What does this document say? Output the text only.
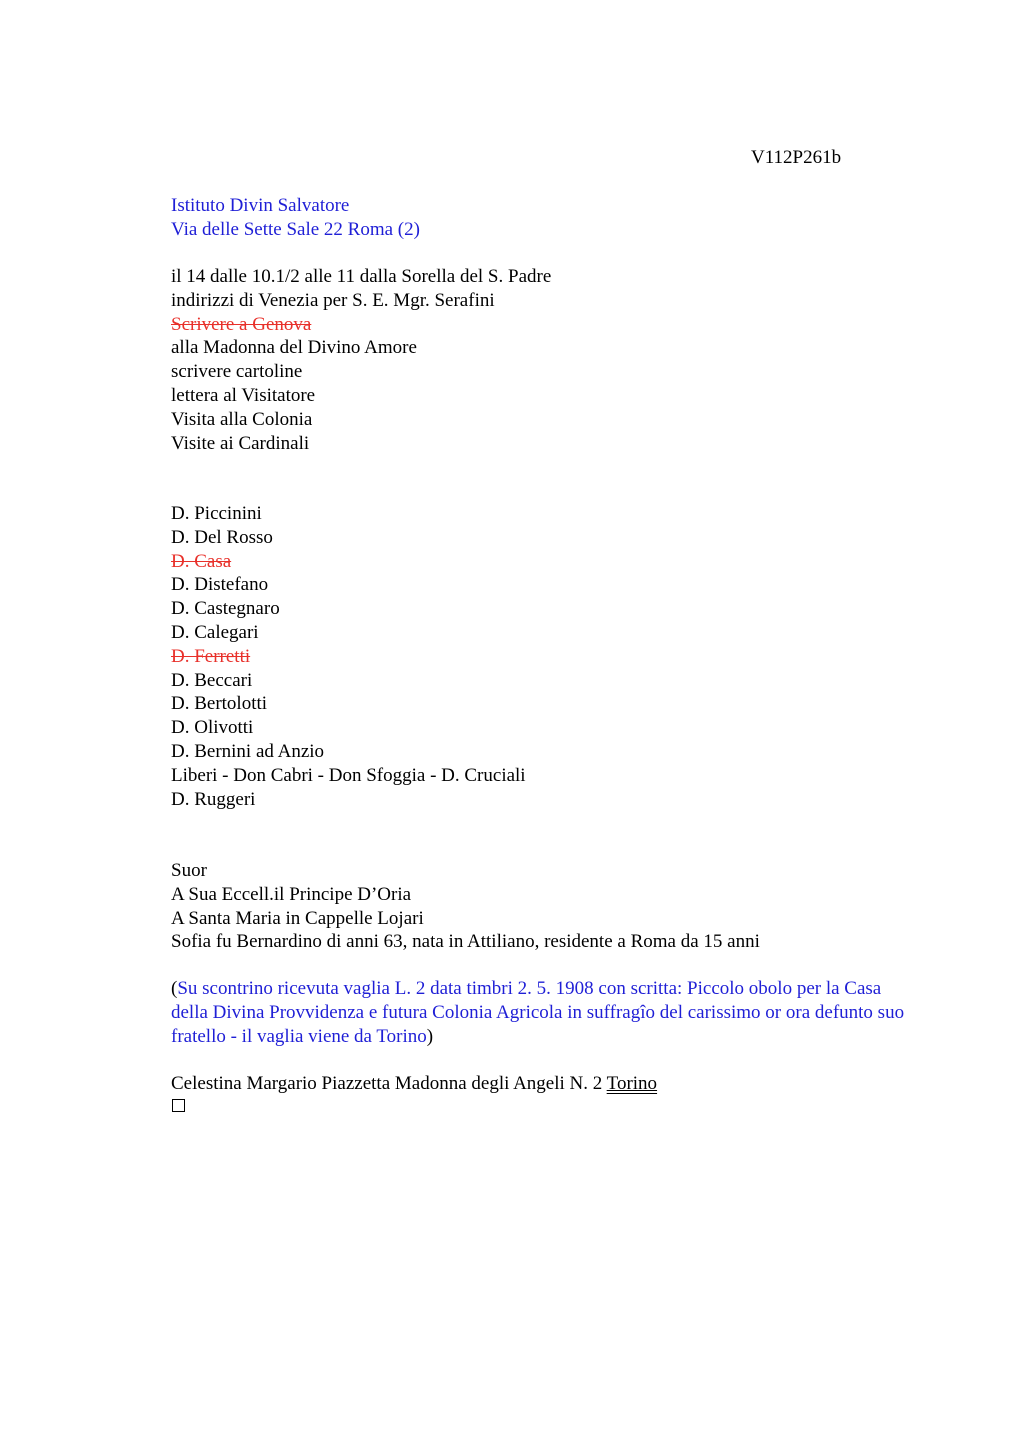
V112P261b
Istituto Divin Salvatore
Via delle Sette Sale 22 Roma (2)
il 14 dalle 10.1/2 alle 11 dalla Sorella del S. Padre
indirizzi di Venezia per S. E. Mgr. Serafini
Scrivere a Genova
alla Madonna del Divino Amore
scrivere cartoline
lettera al Visitatore
Visita alla Colonia
Visite ai Cardinali
D. Piccinini
D. Del Rosso
D. Casa
D. Distefano
D. Castegnaro
D. Calegari
D. Ferretti
D. Beccari
D. Bertolotti
D. Olivotti
D. Bernini ad Anzio
Liberi - Don Cabri - Don Sfoggia - D. Cruciali
D. Ruggeri
Suor
A Sua Eccell.il Principe D’Oria
A Santa Maria in Cappelle Lojari
Sofia fu Bernardino di anni 63, nata in Attiliano, residente a Roma da 15 anni
(Su scontrino ricevuta vaglia L. 2 data timbri 2. 5. 1908 con scritta: Piccolo obolo per la Casa della Divina Provvidenza e futura Colonia Agricola in suffragîo del carissimo or ora defunto suo fratello - il vaglia viene da Torino)
Celestina Margario Piazzetta Madonna degli Angeli N. 2 Torino
